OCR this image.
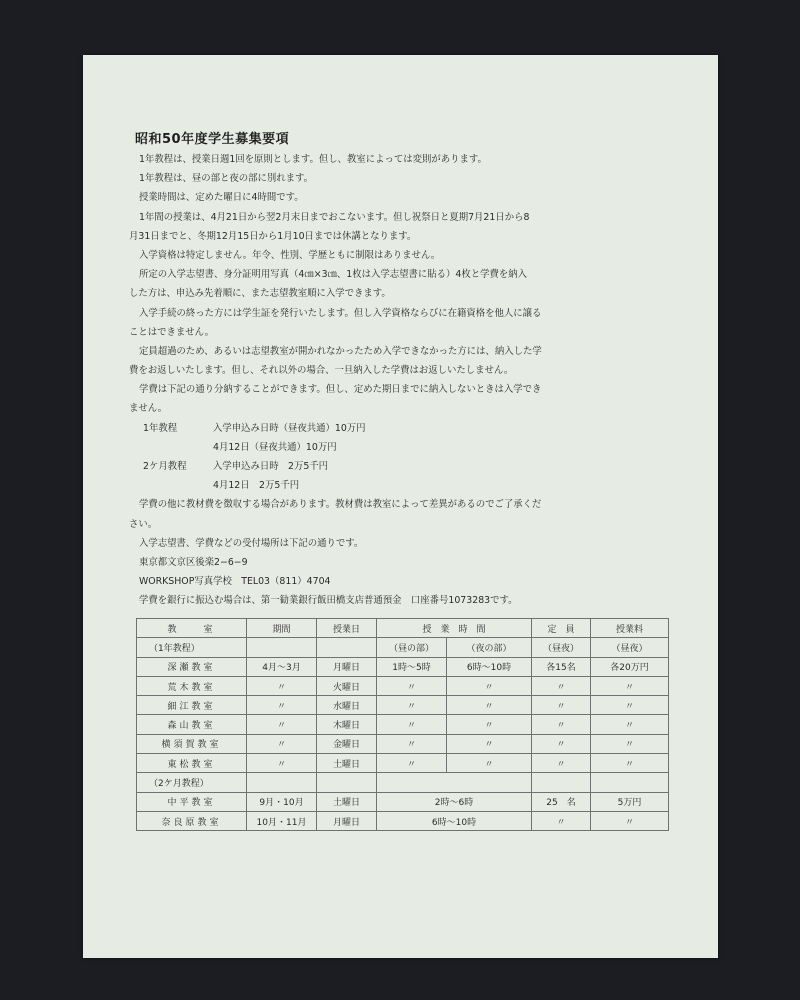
昭和50年度学生募集要項
1年教程は、授業日週1回を原則とします。但し、教室によっては変則があります。
1年教程は、昼の部と夜の部に別れます。
授業時間は、定めた曜日に4時間です。
1年間の授業は、4月21日から翌2月末日までおこないます。但し祝祭日と夏期7月21日から8
月31日までと、冬期12月15日から1月10日までは休講となります。
入学資格は特定しません。年令、性別、学歴ともに制限はありません。
所定の入学志望書、身分証明用写真（4㎝×3㎝、1枚は入学志望書に貼る）4枚と学費を納入
した方は、申込み先着順に、また志望教室順に入学できます。
入学手続の終った方には学生証を発行いたします。但し入学資格ならびに在籍資格を他人に譲る
ことはできません。
定員超過のため、あるいは志望教室が開かれなかったため入学できなかった方には、納入した学
費をお返しいたします。但し、それ以外の場合、一旦納入した学費はお返しいたしません。
学費は下記の通り分納することができます。但し、定めた期日までに納入しないときは入学でき
ません。
1年教程	入学申込み日時（昼夜共通）10万円
4月12日（昼夜共通）10万円
2ケ月教程	入学申込み日時　2万5千円
4月12日　2万5千円
学費の他に教材費を徴収する場合があります。教材費は教室によって差異があるのでご了承くだ
さい。
入学志望書、学費などの受付場所は下記の通りです。
東京都文京区後楽2−6−9
WORKSHOP写真学校　TEL03（811）4704
学費を銀行に振込む場合は、第一勧業銀行飯田橋支店普通預金　口座番号1073283です。
教　　室	期間	授業日	授　業　時　間		定　員	授業料
（1年教程）			（昼の部）	（夜の部）	（昼夜）	（昼夜）
深瀬教室	4月〜3月	月曜日	1時〜5時	6時〜10時	各15名	各20万円
荒木教室	〃	火曜日	〃	〃	〃	〃
細江教室	〃	水曜日	〃	〃	〃	〃
森山教室	〃	木曜日	〃	〃	〃	〃
横須賀教室	〃	金曜日	〃	〃	〃	〃
東松教室	〃	土曜日	〃	〃	〃	〃
（2ケ月教程）						
中平教室	9月・10月	土曜日	2時〜6時		25　名	5万円
奈良原教室	10月・11月	月曜日	6時〜10時		〃	〃
